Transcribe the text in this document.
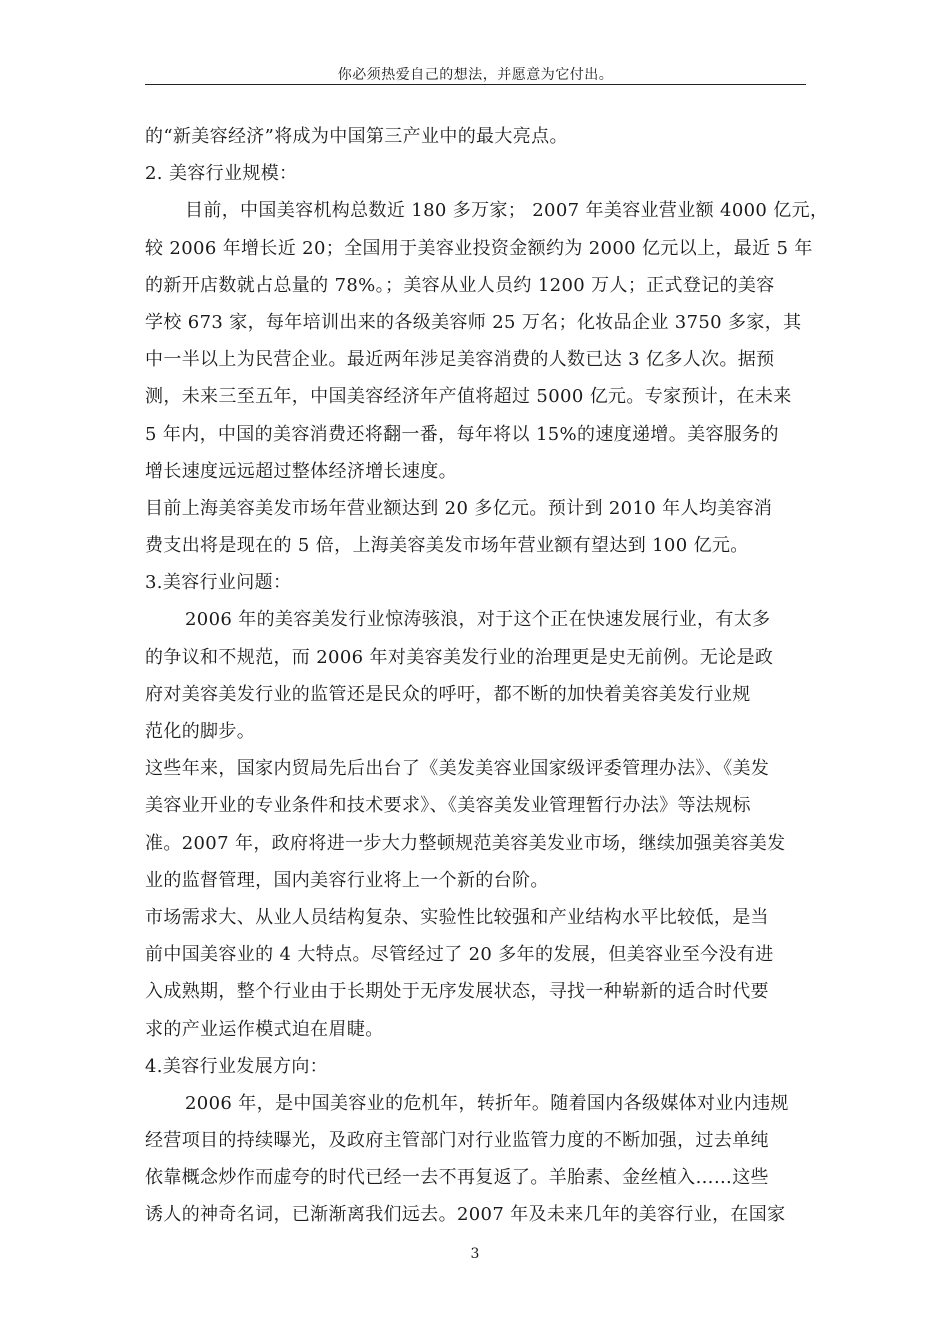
你必须热爱自己的想法，并愿意为它付出。
的“新美容经济”将成为中国第三产业中的最大亮点。
2. 美容行业规模：
目前，中国美容机构总数近 180 多万家； 2007 年美容业营业额 4000 亿元，
较 2006 年增长近 20；全国用于美容业投资金额约为 2000 亿元以上，最近 5 年
的新开店数就占总量的 78%。；美容从业人员约 1200 万人；正式登记的美容
学校 673 家，每年培训出来的各级美容师 25 万名；化妆品企业 3750 多家，其
中一半以上为民营企业。最近两年涉足美容消费的人数已达 3 亿多人次。据预
测，未来三至五年，中国美容经济年产值将超过 5000 亿元。专家预计，在未来
5 年内，中国的美容消费还将翻一番，每年将以 15%的速度递增。美容服务的
增长速度远远超过整体经济增长速度。
目前上海美容美发市场年营业额达到 20 多亿元。预计到 2010 年人均美容消
费支出将是现在的 5 倍，上海美容美发市场年营业额有望达到 100 亿元。
3.美容行业问题：
2006 年的美容美发行业惊涛骇浪，对于这个正在快速发展行业，有太多
的争议和不规范，而 2006 年对美容美发行业的治理更是史无前例。无论是政
府对美容美发行业的监管还是民众的呼吁，都不断的加快着美容美发行业规
范化的脚步。
这些年来，国家内贸局先后出台了《美发美容业国家级评委管理办法》、《美发
美容业开业的专业条件和技术要求》、《美容美发业管理暂行办法》等法规标
准。2007 年，政府将进一步大力整顿规范美容美发业市场，继续加强美容美发
业的监督管理，国内美容行业将上一个新的台阶。
市场需求大、从业人员结构复杂、实验性比较强和产业结构水平比较低，是当
前中国美容业的 4 大特点。尽管经过了 20 多年的发展，但美容业至今没有进
入成熟期，整个行业由于长期处于无序发展状态，寻找一种崭新的适合时代要
求的产业运作模式迫在眉睫。
4.美容行业发展方向：
2006 年，是中国美容业的危机年，转折年。随着国内各级媒体对业内违规
经营项目的持续曝光，及政府主管部门对行业监管力度的不断加强，过去单纯
依靠概念炒作而虚夸的时代已经一去不再复返了。羊胎素、金丝植入……这些
诱人的神奇名词，已渐渐离我们远去。2007 年及未来几年的美容行业，在国家
3
